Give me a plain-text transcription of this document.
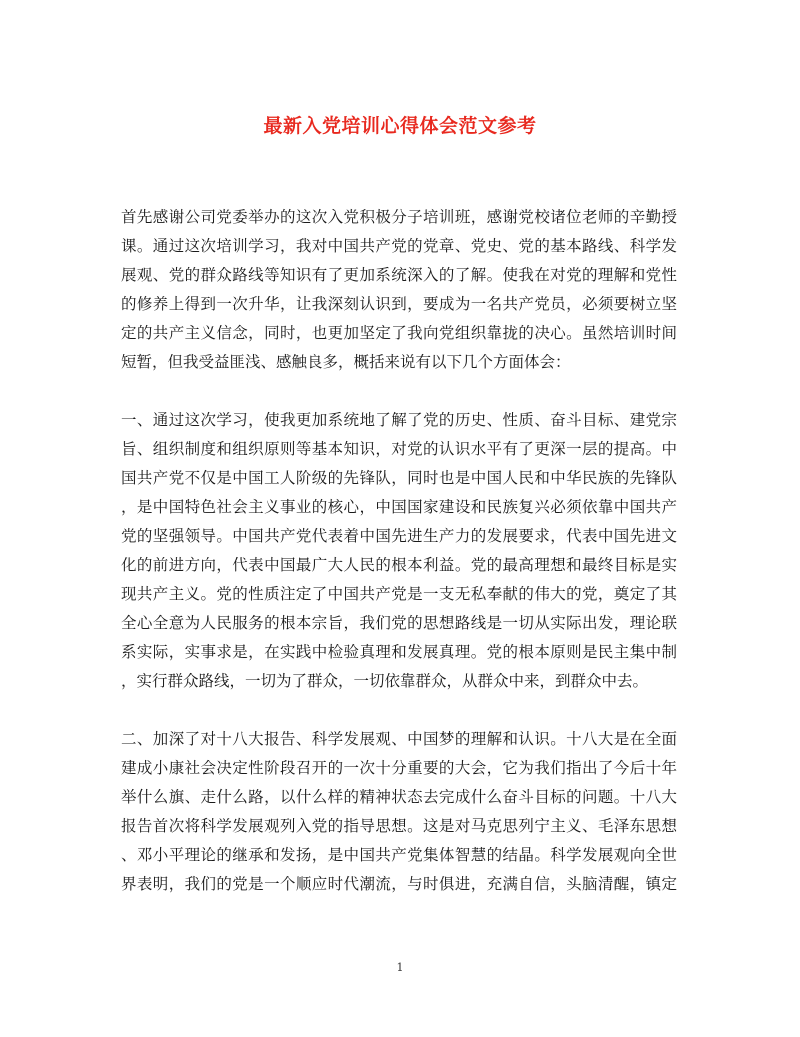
最新入党培训心得体会范文参考
首先感谢公司党委举办的这次入党积极分子培训班，感谢党校诸位老师的辛勤授
课。通过这次培训学习，我对中国共产党的党章、党史、党的基本路线、科学发
展观、党的群众路线等知识有了更加系统深入的了解。使我在对党的理解和党性
的修养上得到一次升华，让我深刻认识到，要成为一名共产党员，必须要树立坚
定的共产主义信念，同时，也更加坚定了我向党组织靠拢的决心。虽然培训时间
短暂，但我受益匪浅、感触良多，概括来说有以下几个方面体会：
一、通过这次学习，使我更加系统地了解了党的历史、性质、奋斗目标、建党宗
旨、组织制度和组织原则等基本知识，对党的认识水平有了更深一层的提高。中
国共产党不仅是中国工人阶级的先锋队，同时也是中国人民和中华民族的先锋队
，是中国特色社会主义事业的核心，中国国家建设和民族复兴必须依靠中国共产
党的坚强领导。中国共产党代表着中国先进生产力的发展要求，代表中国先进文
化的前进方向，代表中国最广大人民的根本利益。党的最高理想和最终目标是实
现共产主义。党的性质注定了中国共产党是一支无私奉献的伟大的党，奠定了其
全心全意为人民服务的根本宗旨，我们党的思想路线是一切从实际出发，理论联
系实际，实事求是，在实践中检验真理和发展真理。党的根本原则是民主集中制
，实行群众路线，一切为了群众，一切依靠群众，从群众中来，到群众中去。
二、加深了对十八大报告、科学发展观、中国梦的理解和认识。十八大是在全面
建成小康社会决定性阶段召开的一次十分重要的大会，它为我们指出了今后十年
举什么旗、走什么路，以什么样的精神状态去完成什么奋斗目标的问题。十八大
报告首次将科学发展观列入党的指导思想。这是对马克思列宁主义、毛泽东思想
、邓小平理论的继承和发扬，是中国共产党集体智慧的结晶。科学发展观向全世
界表明，我们的党是一个顺应时代潮流，与时俱进，充满自信，头脑清醒，镇定
1
